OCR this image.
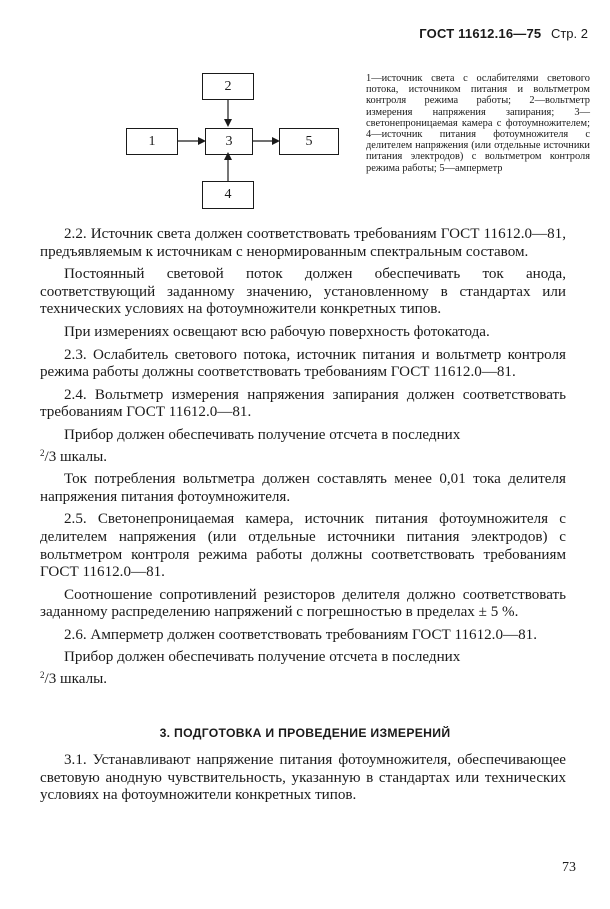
ГОСТ 11612.16—75 Стр. 2
2
1	3	5
4
1—источник света с ослабителями светового потока, источником питания и вольтметром контроля режима работы; 2—вольтметр измерения напряжения запирания; 3—светонепроницаемая камера с фотоумножителем; 4—источник питания фотоумножителя с делителем напряжения (или отдельные источники питания электродов) с вольтметром контроля режима работы; 5—амперметр

2.2. Источник света должен соответствовать требованиям ГОСТ 11612.0—81, предъявляемым к источникам с ненормированным спектральным составом.

Постоянный световой поток должен обеспечивать ток анода, соответствующий заданному значению, установленному в стандартах или технических условиях на фотоумножители конкретных типов.

При измерениях освещают всю рабочую поверхность фотокатода.

2.3. Ослабитель светового потока, источник питания и вольтметр контроля режима работы должны соответствовать требованиям ГОСТ 11612.0—81.

2.4. Вольтметр измерения напряжения запирания должен соответствовать требованиям ГОСТ 11612.0—81.

Прибор должен обеспечивать получение отсчета в последних
$^2$/3 шкалы.

Ток потребления вольтметра должен составлять менее 0,01 тока делителя напряжения питания фотоумножителя.

2.5. Светонепроницаемая камера, источник питания фотоумножителя с делителем напряжения (или отдельные источники питания электродов) с вольтметром контроля режима работы должны соответствовать требованиям ГОСТ 11612.0—81.

Соотношение сопротивлений резисторов делителя должно соответствовать заданному распределению напряжений с погрешностью в пределах ± 5 %.

2.6. Амперметр должен соответствовать требованиям ГОСТ 11612.0—81.

Прибор должен обеспечивать получение отсчета в последних
$^2$/3 шкалы.

3. ПОДГОТОВКА И ПРОВЕДЕНИЕ ИЗМЕРЕНИЙ

3.1. Устанавливают напряжение питания фотоумножителя, обеспечивающее световую анодную чувствительность, указанную в стандартах или технических условиях на фотоумножители конкретных типов.

73
